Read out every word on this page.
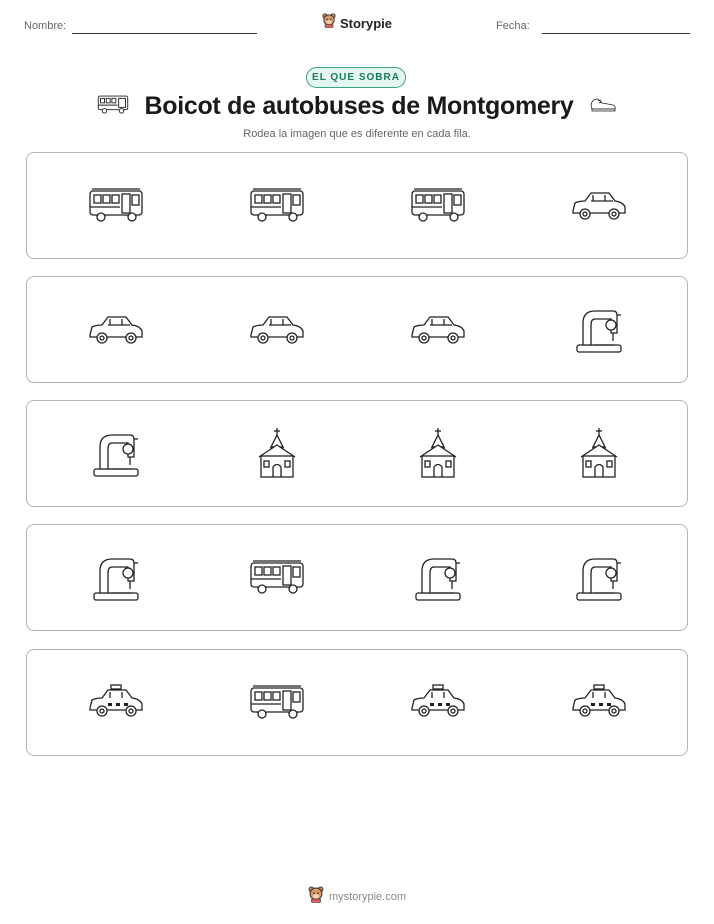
Nombre:	Storypie	Fecha:
EL QUE SOBRA
Boicot de autobuses de Montgomery
Rodea la imagen que es diferente en cada fila.
mystorypie.com
